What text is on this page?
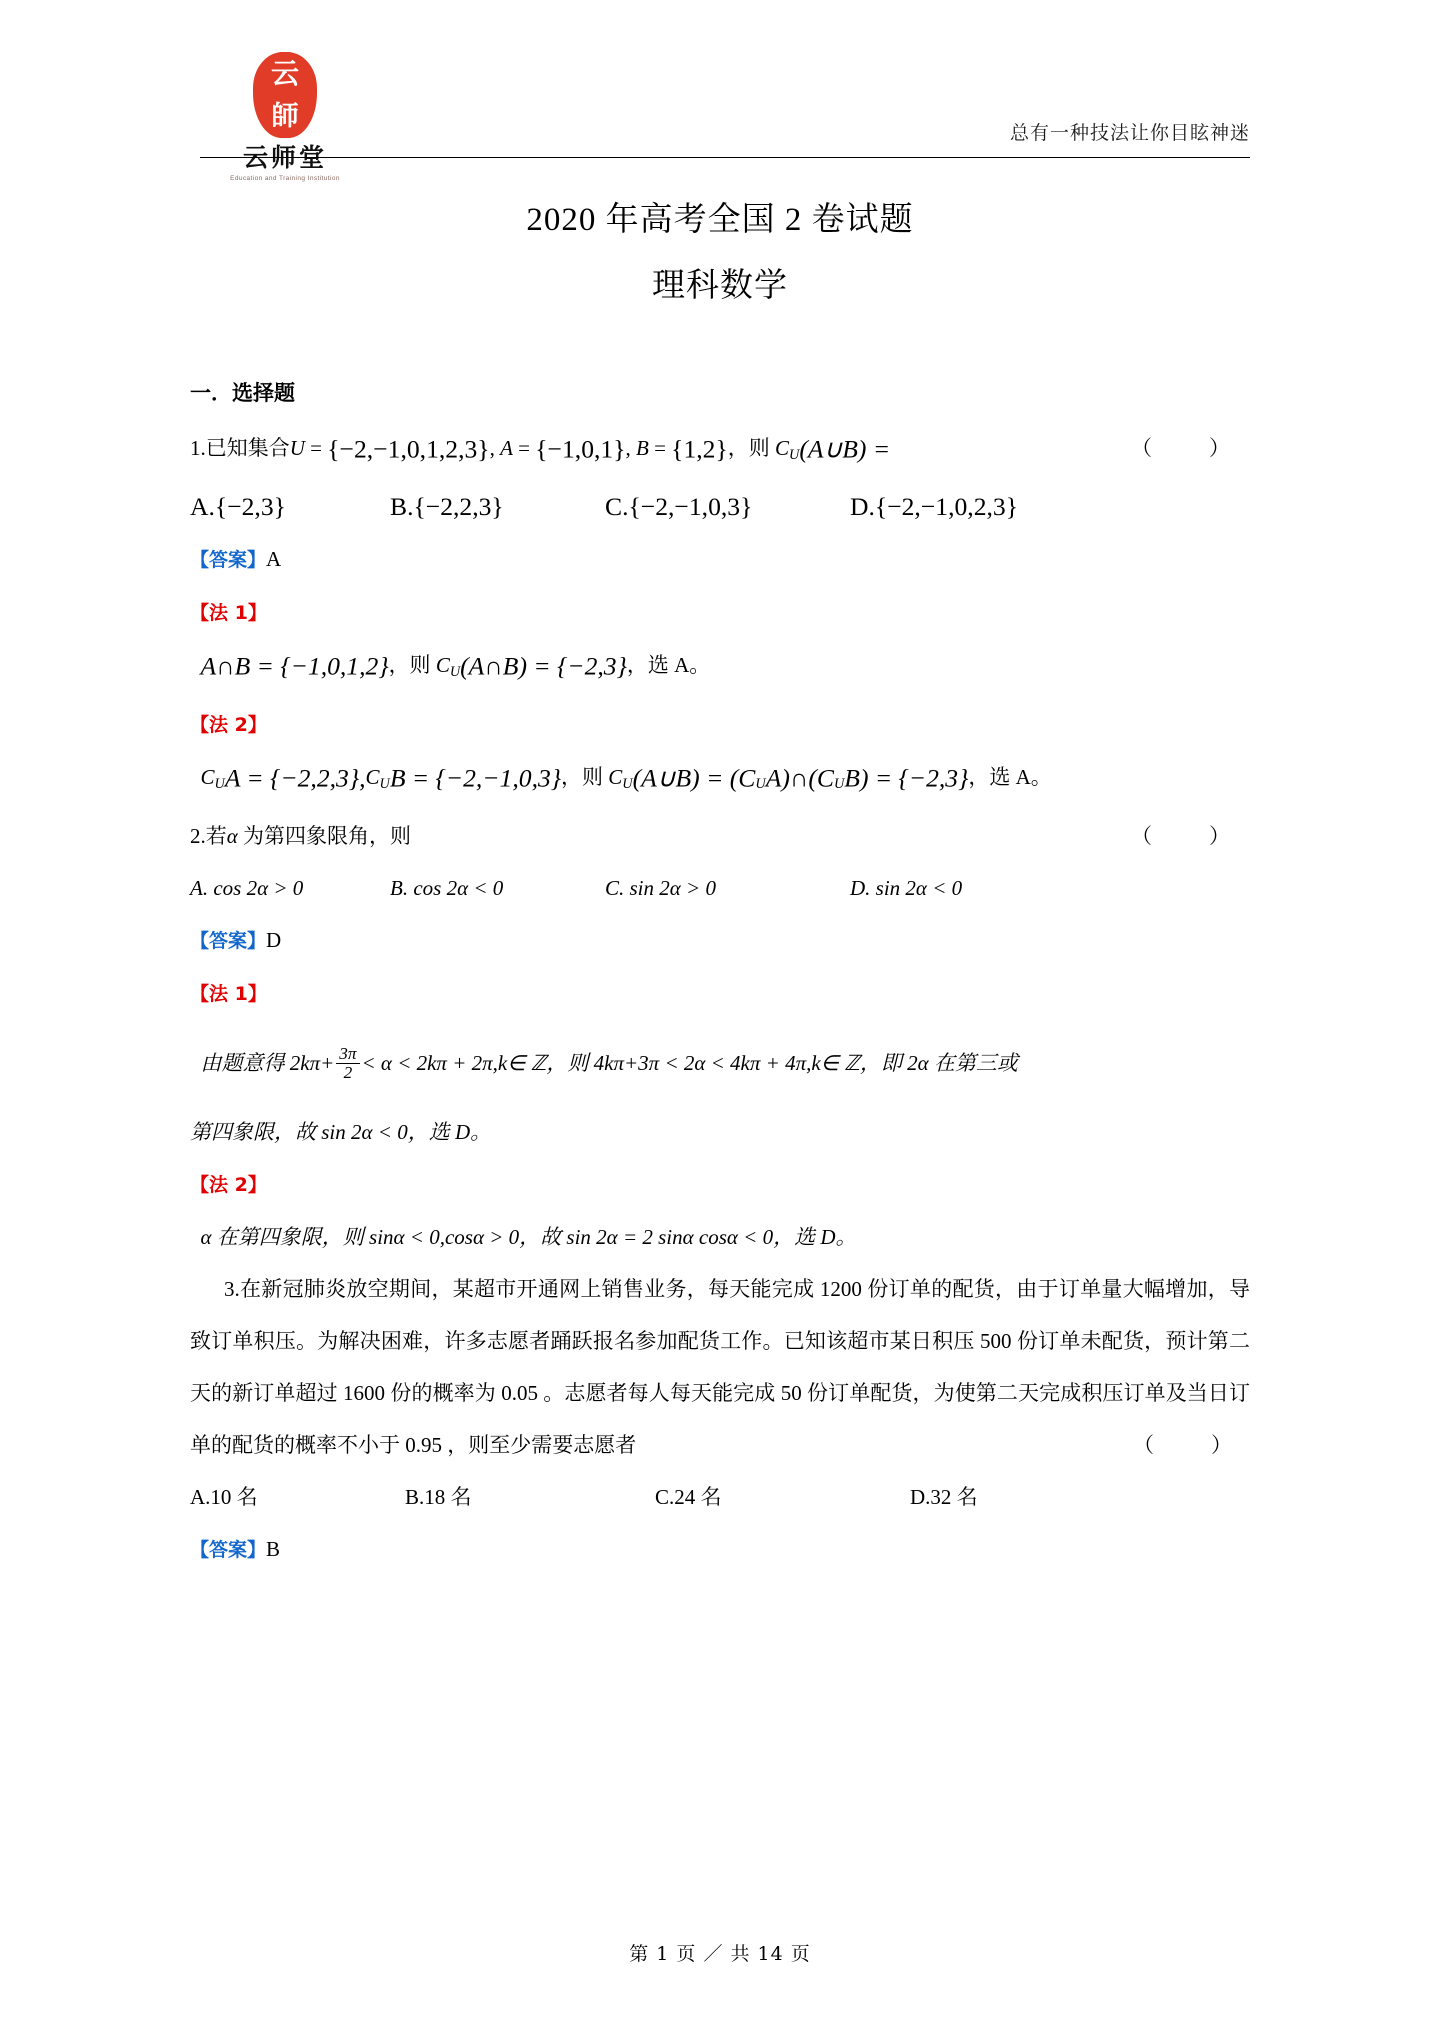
云 師
云师堂
Education and Training Institution
总有一种技法让你目眩神迷
2020 年高考全国 2 卷试题
理科数学
一．选择题
1.已知集合U = {−2,−1,0,1,2,3}, A = {−1,0,1}, B = {1,2}，则 $C_U(A\cup B)$ =	（　）
A.{−2,3}	B.{−2,2,3}	C.{−2,−1,0,3}	D.{−2,−1,0,2,3}
【答案】A
【法 1】
A∩B = {−1,0,1,2}，则 $C_U(A\cap B) = \{-2,3\}$，选 A。
【法 2】
$C_UA = \{-2,2,3\},C_UB = \{-2,-1,0,3\}$，则 $C_U(A\cup B)$ = $(C_UA)\cap(C_UB) = \{-2,3\}$，选 A。
2.若α 为第四象限角，则	（　）
A. cos 2α > 0	B. cos 2α < 0	C. sin 2α > 0	D. sin 2α < 0
【答案】D
【法 1】
由题意得 $2k\pi+ \frac{3\pi}{2} < \alpha < 2k\pi$ + 2π,k∈ ℤ，则 4kπ+3π < 2α < 4kπ + 4π,k∈ ℤ，即 2α 在第三或
第四象限，故 sin 2α < 0，选 D。
【法 2】
α 在第四象限，则 sinα < 0,cosα > 0，故 sin 2α = 2 sinα cosα < 0，选 D。
3.在新冠肺炎放空期间，某超市开通网上销售业务，每天能完成 1200 份订单的配货，由于订单量大幅增加，导致订单积压。为解决困难，许多志愿者踊跃报名参加配货工作。已知该超市某日积压 500 份订单未配货，预计第二天的新订单超过 1600 份的概率为 0.05 。志愿者每人每天能完成 50 份订单配货，为使第二天完成积压订单及当日订单的配货的概率不小于 0.95 ，则至少需要志愿者	（　）
A.10 名	B.18 名	C.24 名	D.32 名
【答案】B
第 1 页 ／ 共 14 页
